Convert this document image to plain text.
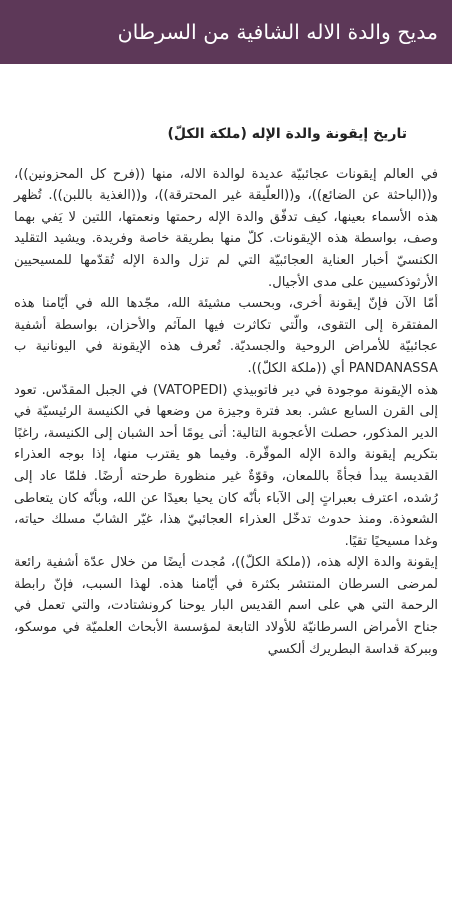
مديح والدة الاله الشافية من السرطان
تاريخ إيقونة والدة الإله (ملكة الكلّ)

في العالم إيقونات عجائبيّة عديدة لوالدة الاله، منها ((فرح كل المحزونين))، و((الباحثة عن الضائع))، و((العلّيقة غير المحترقة))، و((الغذية باللبن)). تُظهر هذه الأسماء بعينها، كيف تدفّق والدة الإله رحمتها ونعمتها، اللتين لا يَفي بهما وصف، بواسطة هذه الإيقونات. كلّ منها بطريقة خاصة وفريدة. ويشيد التقليد الكنسيّ أخبار العناية العجائبيّة التي لم تزل والدة الإله تُقدّمها للمسيحيين الأرثوذكسيين على مدى الأجيال.

أمّا الآن فإنّ إيقونة أخرى، وبحسب مشيئة الله، مجّدها الله في أيّامنا هذه المفتقرة إلى التقوى، والّتي تكاثرت فيها المآثم والأحزان، بواسطة أشفية عجائبيّة للأمراض الروحية والجسديّة. تُعرف هذه الإيقونة في اليونانية ب PANDANASSA أي ((ملكة الكلّ)).

هذه الإيقونة موجودة في دير فاتوبيذي (VATOPEDI) في الجبل المقدّس. تعود إلى القرن السابع عشر. بعد فترة وجيزة من وضعها في الكنيسة الرئيسيّة في الدير المذكور، حصلت الأعجوبة التالية: أتى يومًا أحد الشبان إلى الكنيسة، راغبًا بتكريم إيقونة والدة الإله الموقّرة. وفيما هو يقترب منها، إذا بوجه العذراء القديسة يبدأ فجأةً باللمعان، وقوّةٌ غير منظورة طرحته أرضًا. فلمّا عاد إلى رُشده، اعترف بعبراتٍ إلى الآباء بأنّه كان يحيا بعيدًا عن الله، وبأنّه كان يتعاطى الشعوذة. ومنذ حدوث تدخّل العذراء العجائبيّ هذا، غيّر الشابّ مسلك حياته، وغدا مسيحيًا تقيًا.

إيقونة والدة الإله هذه، ((ملكة الكلّ))، مُجدت أيضًا من خلال عدّة أشفية رائعة لمرضى السرطان المنتشر بكثرة في أيّامنا هذه. لهذا السبب، فإنّ رابطة الرحمة التي هي على اسم القديس البار يوحنا كرونشتادت، والتي تعمل في جناح الأمراض السرطانيّة للأولاد التابعة لمؤسسة الأبحاث العلميّة في موسكو، وببركة قداسة البطريرك ألكسي
